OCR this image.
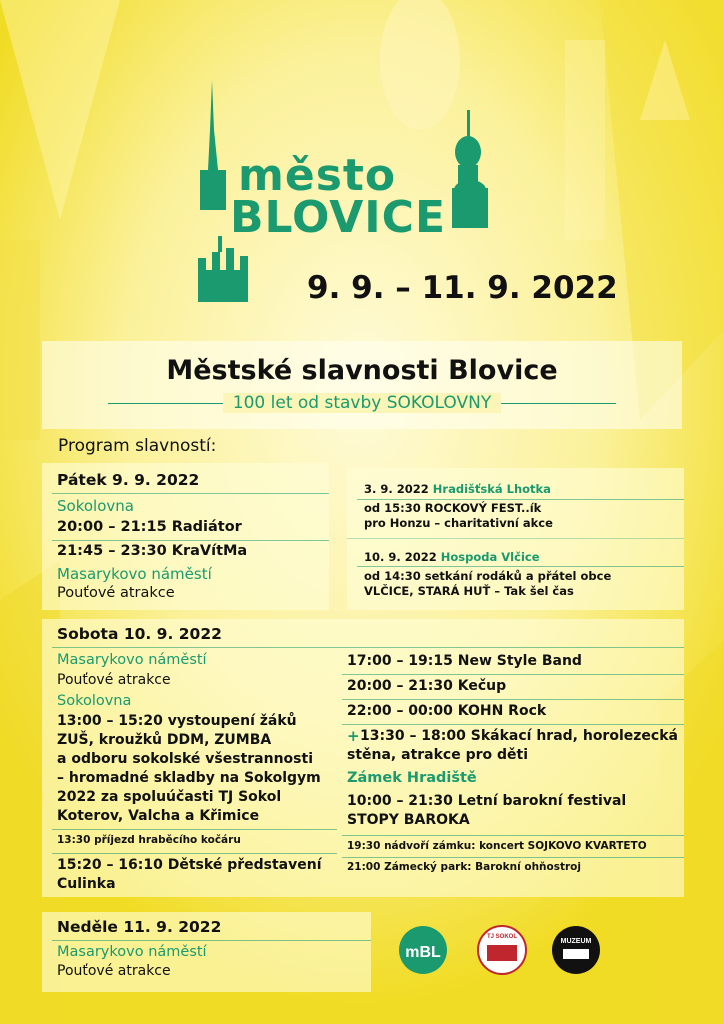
město
BLOVICE
9. 9. – 11. 9. 2022
Městské slavnosti Blovice
100 let od stavby SOKOLOVNY
Program slavností:
Pátek 9. 9. 2022
Sokolovna
20:00 – 21:15 Radiátor
21:45 – 23:30 KraVítMa
Masarykovo náměstí
Pouťové atrakce
3. 9. 2022 Hradišťská Lhotka
od 15:30 ROCKOVÝ FEST..ík
pro Honzu – charitativní akce
10. 9. 2022 Hospoda Vlčice
od 14:30 setkání rodáků a přátel obce
VLČICE, STARÁ HUŤ – Tak šel čas
Sobota 10. 9. 2022
Masarykovo náměstí
Pouťové atrakce
Sokolovna
13:00 – 15:20 vystoupení žáků
ZUŠ, kroužků DDM, ZUMBA
a odboru sokolské všestrannosti
– hromadné skladby na Sokolgym
2022 za spoluúčasti TJ Sokol
Koterov, Valcha a Křimice
13:30 příjezd hraběcího kočáru
15:20 – 16:10 Dětské představení
Culinka
17:00 – 19:15 New Style Band
20:00 – 21:30 Kečup
22:00 – 00:00 KOHN Rock
+ 13:30 – 18:00 Skákací hrad, horolezecká
stěna, atrakce pro děti
Zámek Hradiště
10:00 – 21:30 Letní barokní festival
STOPY BAROKA
19:30 nádvoří zámku: koncert SOJKOVO KVARTETO
21:00 Zámecký park: Barokní ohňostroj
Neděle 11. 9. 2022
Masarykovo náměstí
Pouťové atrakce
mBL
TJ SOKOL
MUZEUM
